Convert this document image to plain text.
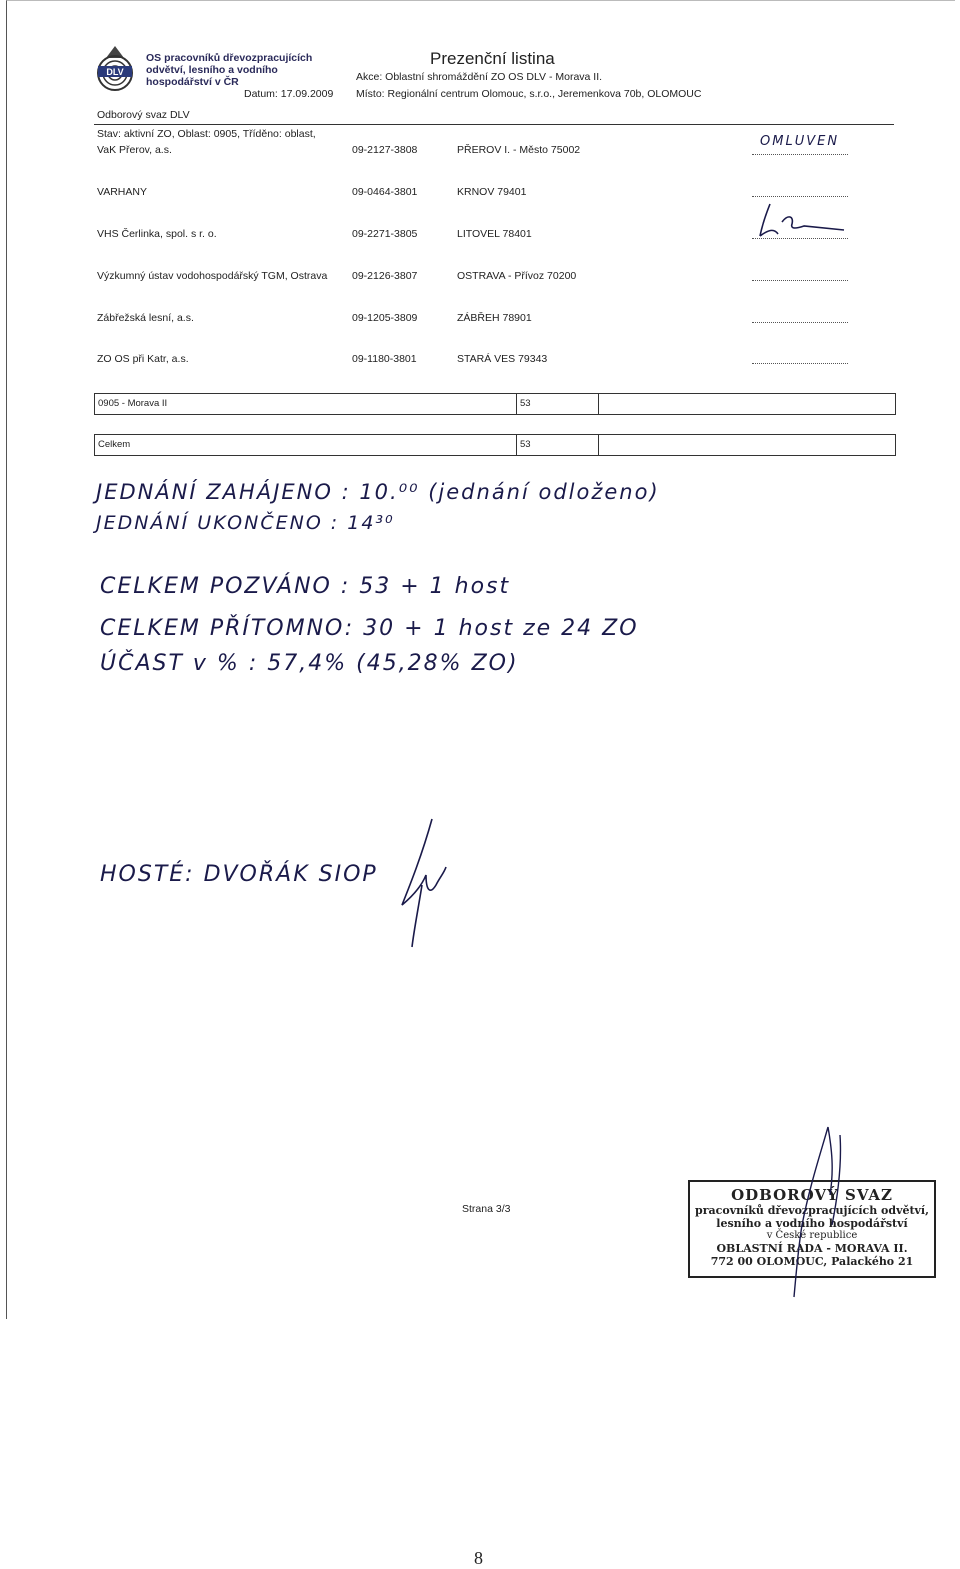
DLV
OS pracovníků dřevozpracujících
odvětví, lesního a vodního
hospodářství v ČR
Prezenční listina
Akce: Oblastní shromáždění ZO OS DLV - Morava II.
Datum: 17.09.2009 Místo: Regionální centrum Olomouc, s.r.o., Jeremenkova 70b, OLOMOUC
Odborový svaz DLV
Stav: aktivní ZO, Oblast: 0905, Tříděno: oblast,
VaK Přerov, a.s.	09-2127-3808	PŘEROV I. - Město 75002
OMLUVEN
VARHANY	09-0464-3801	KRNOV 79401
VHS Čerlinka, spol. s r. o.	09-2271-3805	LITOVEL 78401
Výzkumný ústav vodohospodářský TGM, Ostrava 09-2126-3807	OSTRAVA - Přívoz 70200
Zábřežská lesní, a.s.	09-1205-3809	ZÁBŘEH 78901
ZO OS při Katr, a.s.	09-1180-3801	STARÁ VES 79343
0905 - Morava II	53
Celkem	53
JEDNÁNÍ ZAHÁJENO : 10.⁰⁰ (jednání odloženo)
JEDNÁNÍ UKONČENO : 14³⁰
CELKEM POZVÁNO : 53 + 1 host
CELKEM PŘÍTOMNO: 30 + 1 host ze 24 ZO
ÚČAST v % : 57,4% (45,28% ZO)
HOSTÉ: DVOŘÁK SIOP
Strana 3/3
ODBOROVÝ SVAZ
pracovníků dřevozpracujících odvětví,
lesního a vodního hospodářství
v České republice
OBLASTNÍ RADA - MORAVA II.
772 00 OLOMOUC, Palackého 21
8
